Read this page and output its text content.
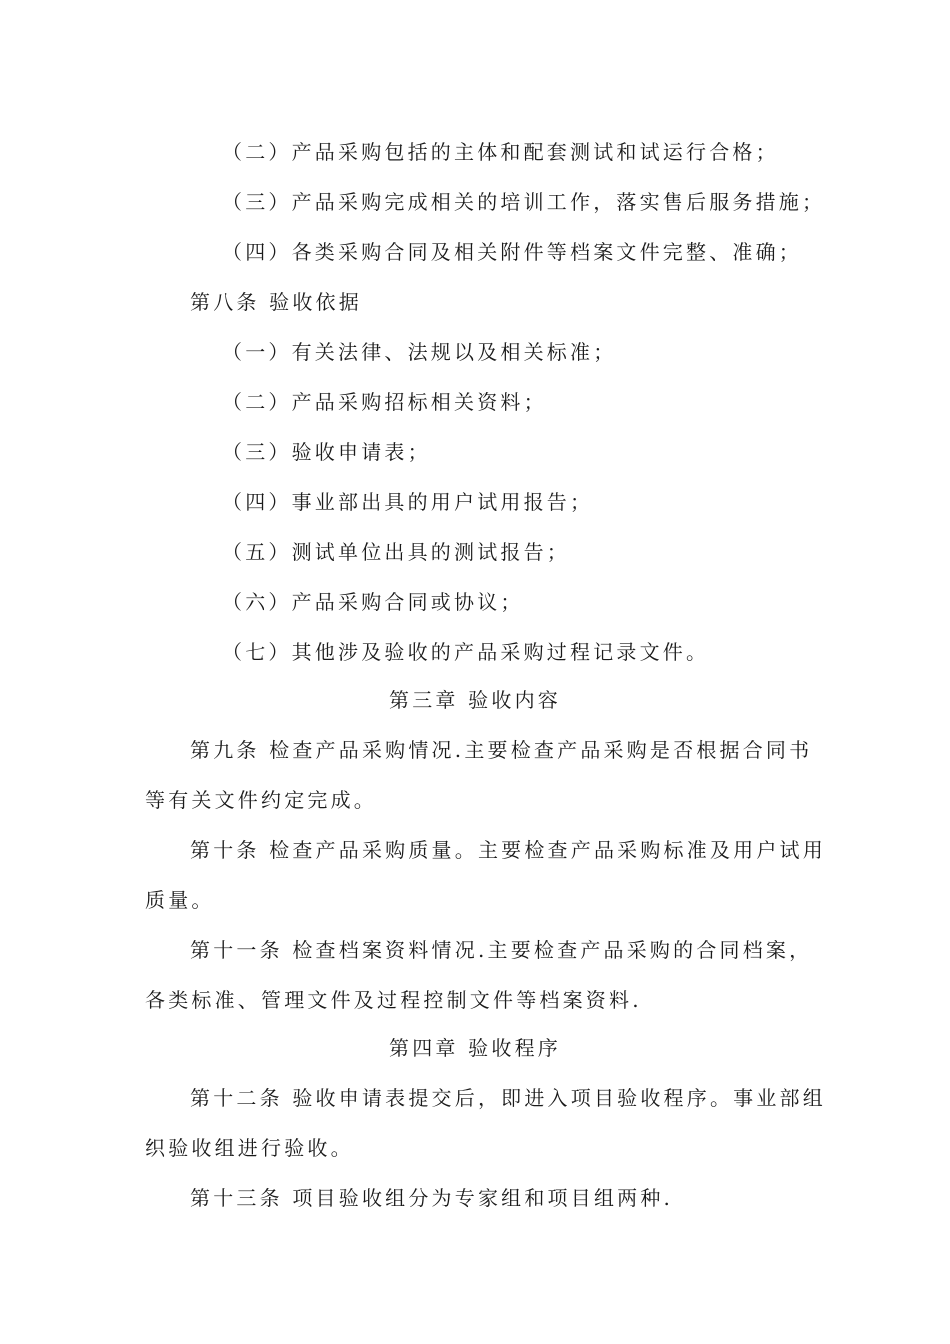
（二）产品采购包括的主体和配套测试和试运行合格；
（三）产品采购完成相关的培训工作，落实售后服务措施；
（四）各类采购合同及相关附件等档案文件完整、准确；
第八条 验收依据
（一）有关法律、法规以及相关标准；
（二）产品采购招标相关资料；
（三）验收申请表；
（四）事业部出具的用户试用报告；
（五）测试单位出具的测试报告；
（六）产品采购合同或协议；
（七）其他涉及验收的产品采购过程记录文件。
第三章 验收内容
第九条 检查产品采购情况.主要检查产品采购是否根据合同书
等有关文件约定完成。
第十条 检查产品采购质量。主要检查产品采购标准及用户试用
质量。
第十一条 检查档案资料情况.主要检查产品采购的合同档案，
各类标准、管理文件及过程控制文件等档案资料.
第四章 验收程序
第十二条 验收申请表提交后，即进入项目验收程序。事业部组
织验收组进行验收。
第十三条 项目验收组分为专家组和项目组两种.
